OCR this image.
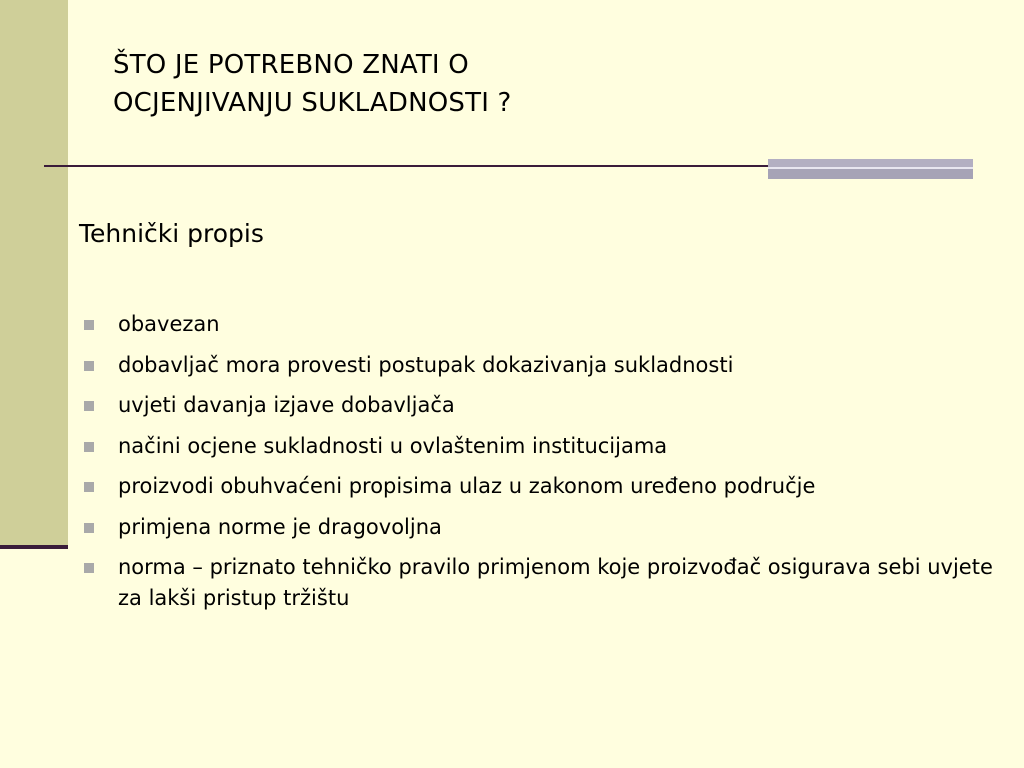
ŠTO JE POTREBNO ZNATI O
OCJENJIVANJU SUKLADNOSTI ?
Tehnički propis
obavezan
dobavljač mora provesti postupak dokazivanja sukladnosti
uvjeti davanja izjave dobavljača
načini ocjene sukladnosti u ovlaštenim institucijama
proizvodi obuhvaćeni propisima ulaz u zakonom uređeno područje
primjena norme je dragovoljna
norma – priznato tehničko pravilo primjenom koje proizvođač osigurava sebi uvjete za lakši pristup tržištu
